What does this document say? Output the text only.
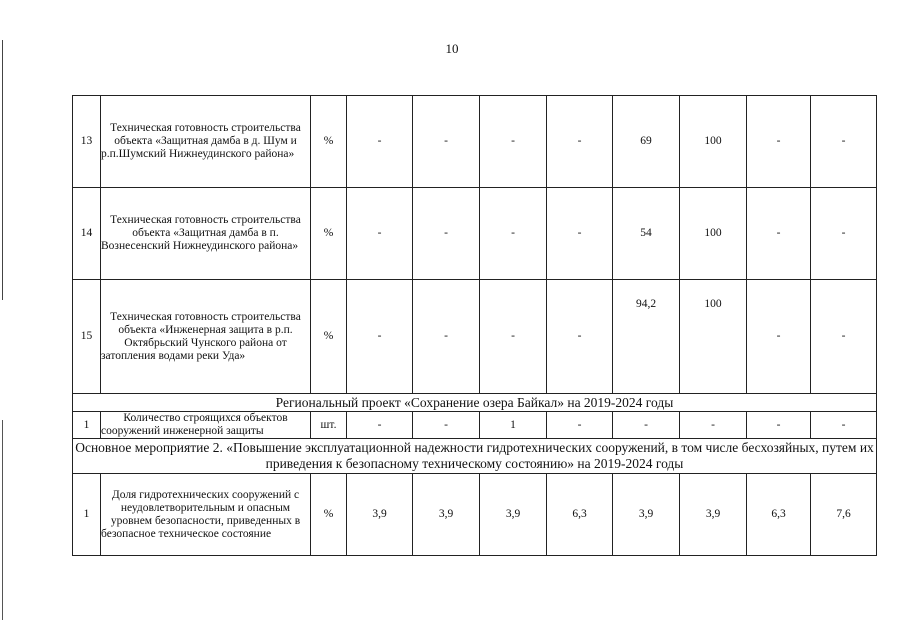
10
13	Техническая готовность строительства объекта «Защитная дамба в д. Шум и р.п.Шумский Нижнеудинского района»	%	-	-	-	-	69	100	-	-
14	Техническая готовность строительства объекта «Защитная дамба в п. Вознесенский Нижнеудинского района»	%	-	-	-	-	54	100	-	-
15	Техническая готовность строительства объекта «Инженерная защита в р.п. Октябрьский Чунского района от затопления водами реки Уда»	%	-	-	-	-	94,2	100	-	-
Региональный проект «Сохранение озера Байкал» на 2019-2024 годы										
1	Количество строящихся объектов сооружений инженерной защиты	шт.	-	-	1	-	-	-	-	-
Основное мероприятие 2. «Повышение эксплуатационной надежности гидротехнических сооружений, в том числе бесхозяйных, путем их приведения к безопасному техническому состоянию» на 2019-2024 годы										
1	Доля гидротехнических сооружений с неудовлетворительным и опасным уровнем безопасности, приведенных в безопасное техническое состояние	%	3,9	3,9	3,9	6,3	3,9	3,9	6,3	7,6
